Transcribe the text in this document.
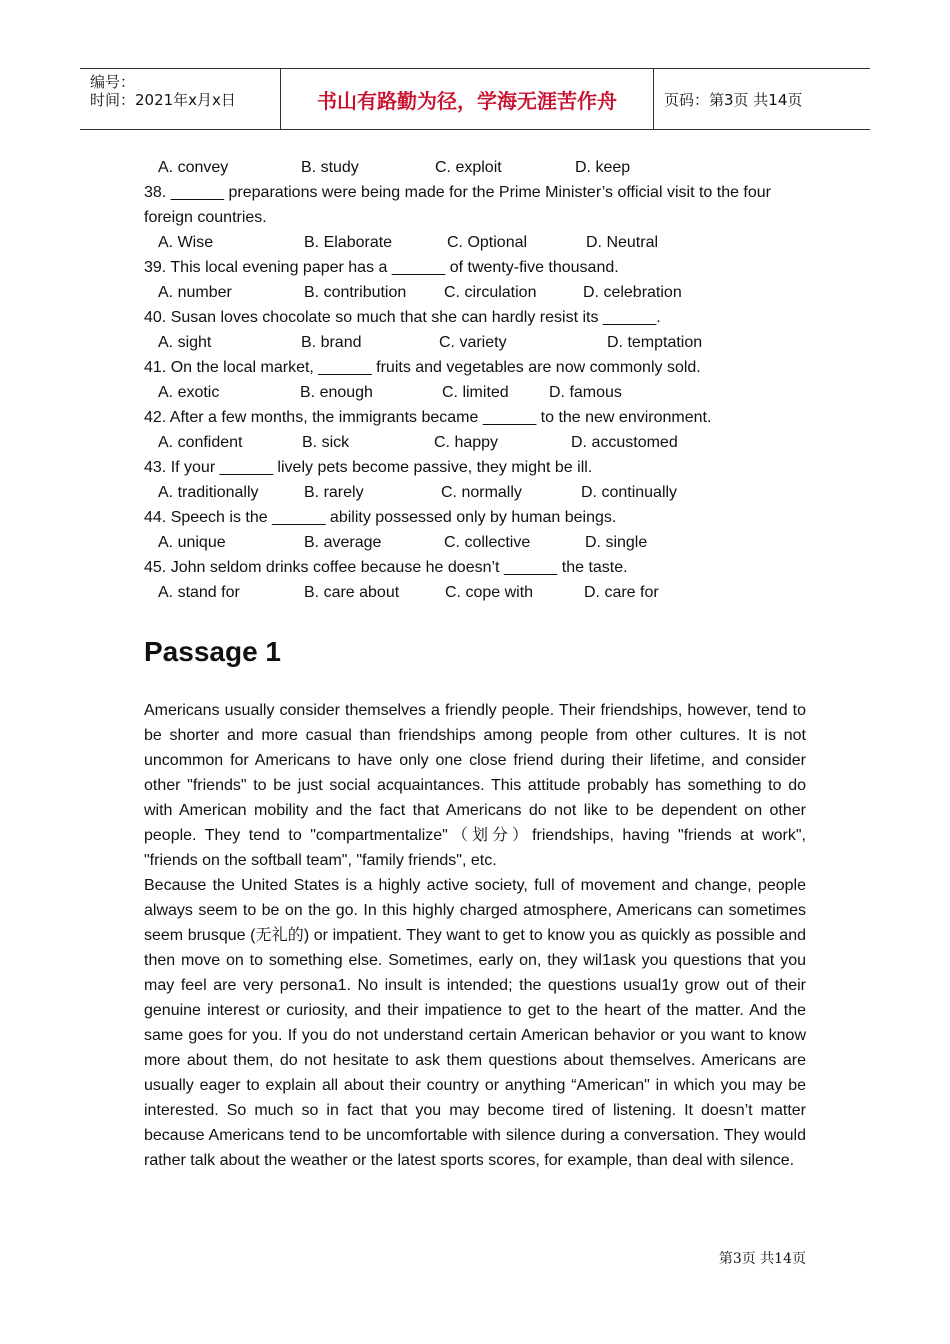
编号：
时间：2021年x月x日	书山有路勤为径，学海无涯苦作舟	页码：第3页 共14页
A. convey	B. study	C. exploit	D. keep
38. ______ preparations were being made for the Prime Minister’s official visit to the four
foreign countries.
A. Wise	B. Elaborate	C. Optional	D. Neutral
39. This local evening paper has a ______ of twenty-five thousand.
A. number	B. contribution C. circulation	D. celebration
40. Susan loves chocolate so much that she can hardly resist its ______.
A. sight	B. brand	C. variety	D. temptation
41. On the local market, ______ fruits and vegetables are now commonly sold.
A. exotic	B. enough	C. limited	D. famous
42. After a few months, the immigrants became ______ to the new environment.
A. confident	B. sick	C. happy	D. accustomed
43. If your ______ lively pets become passive, they might be ill.
A. traditionally	B. rarely	C. normally	D. continually
44. Speech is the ______ ability possessed only by human beings.
A. unique	B. average	C. collective	D. single
45. John seldom drinks coffee because he doesn’t ______ the taste.
A. stand for	B. care about	C. cope with	D. care for
Passage 1

Americans usually consider themselves a friendly people. Their friendships, however, tend to be shorter and more casual than friendships among people from other cultures. It is not uncommon for Americans to have only one close friend during their lifetime, and consider other "friends" to be just social acquaintances. This attitude probably has something to do with American mobility and the fact that Americans do not like to be dependent on other people. They tend to "compartmentalize"（划分）friendships, having "friends at work", "friends on the softball team", "family friends", etc.

Because the United States is a highly active society, full of movement and change, people always seem to be on the go. In this highly charged atmosphere, Americans can sometimes seem brusque (无礼的) or impatient. They want to get to know you as quickly as possible and then move on to something else. Sometimes, early on, they wil1ask you questions that you may feel are very persona1. No insult is intended; the questions usual1y grow out of their genuine interest or curiosity, and their impatience to get to the heart of the matter. And the same goes for you. If you do not understand certain American behavior or you want to know more about them, do not hesitate to ask them questions about themselves. Americans are usually eager to explain all about their country or anything “American" in which you may be interested. So much so in fact that you may become tired of listening. It doesn’t matter because Americans tend to be uncomfortable with silence during a conversation. They would rather talk about the weather or the latest sports scores, for example, than deal with silence.

第3页 共14页
